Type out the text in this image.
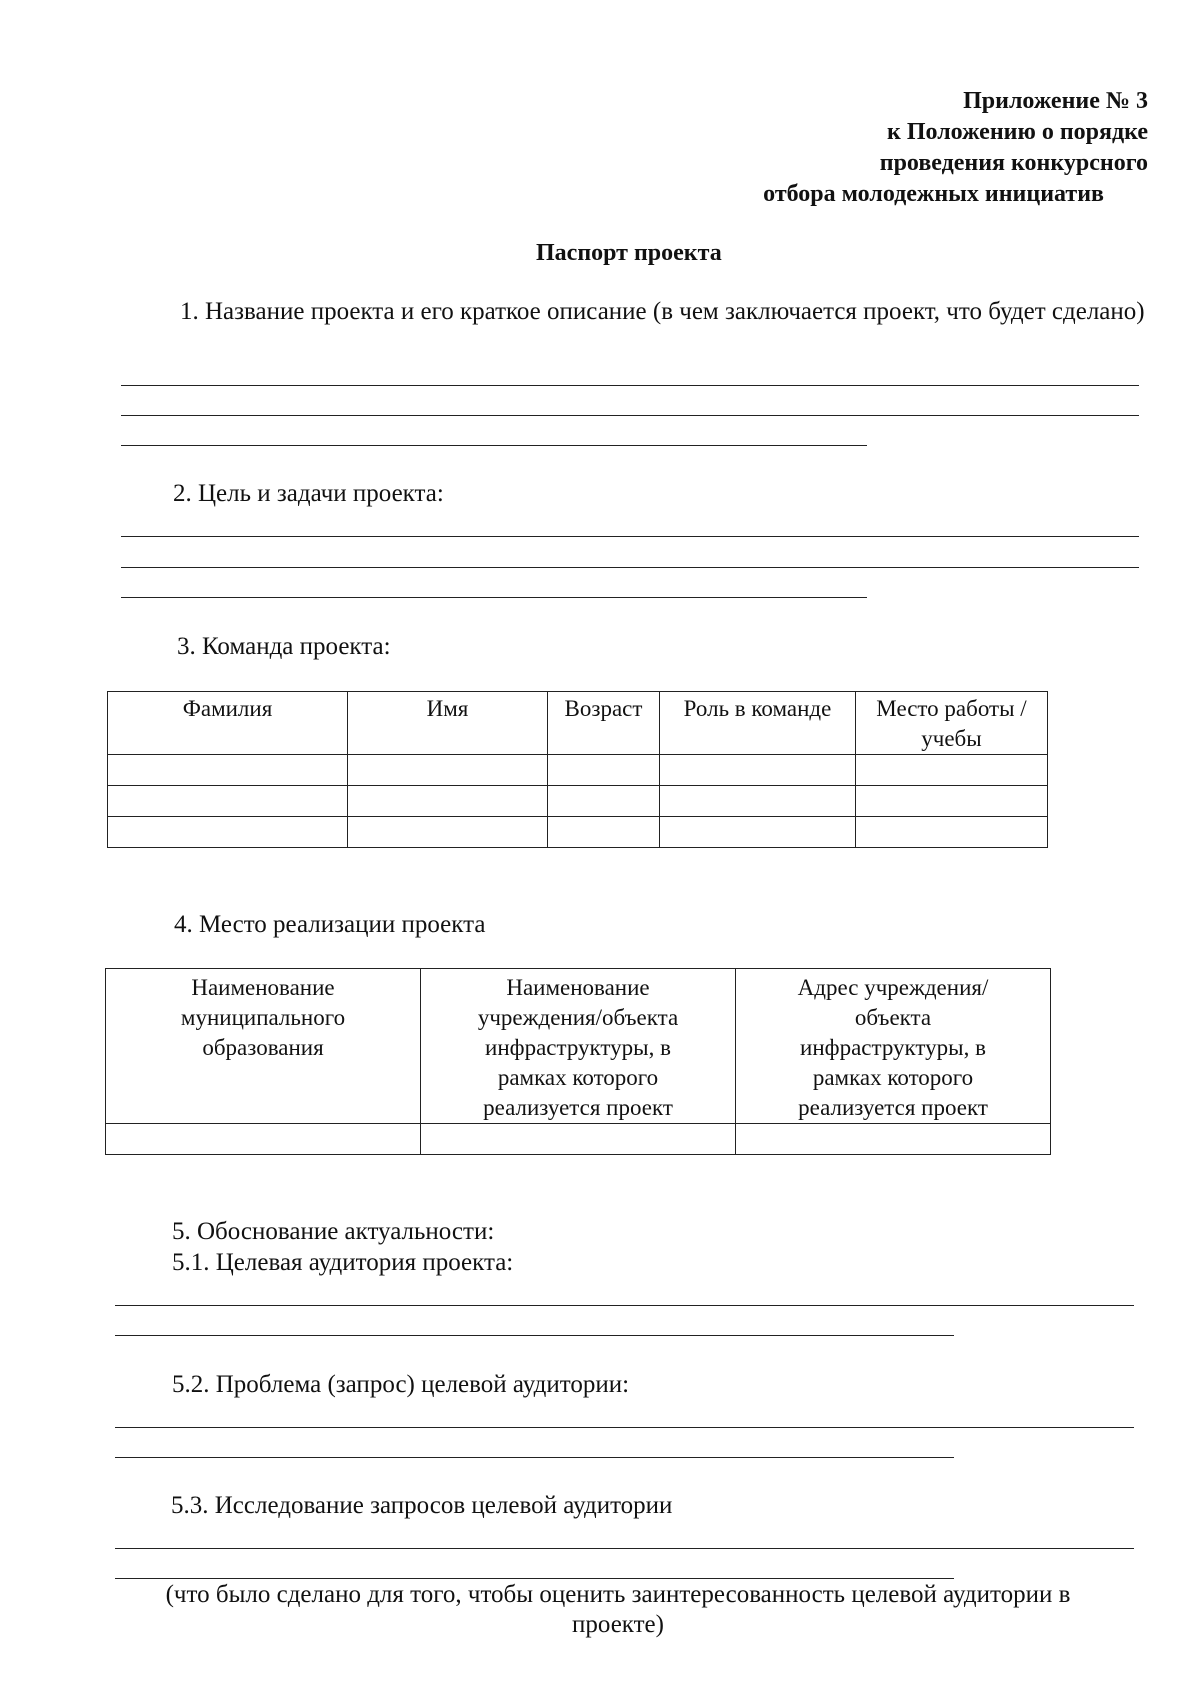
Приложение № 3
к Положению о порядке
проведения конкурсного
отбора молодежных инициатив
Паспорт проекта
1. Название проекта и его краткое описание (в чем заключается проект, что будет сделано)
2. Цель и задачи проекта:
3. Команда проекта:
Фамилия	Имя	Возраст	Роль в команде	Место работы / учебы

4. Место реализации проекта
Наименование муниципального образования	Наименование учреждения/объекта инфраструктуры, в рамках которого реализуется проект	Адрес учреждения/объекта инфраструктуры, в рамках которого реализуется проект

5. Обоснование актуальности:
5.1. Целевая аудитория проекта:
5.2. Проблема (запрос) целевой аудитории:
5.3. Исследование запросов целевой аудитории
(что было сделано для того, чтобы оценить заинтересованность целевой аудитории в проекте)
